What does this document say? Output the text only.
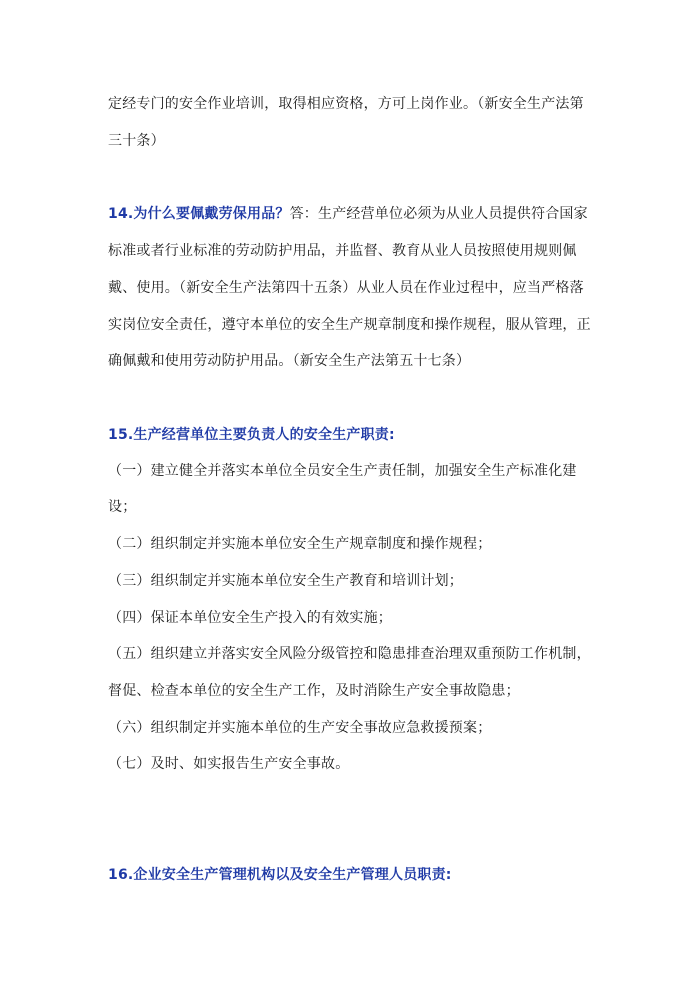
定经专门的安全作业培训，取得相应资格，方可上岗作业。（新安全生产法第
三十条）
14.为什么要佩戴劳保用品？答：生产经营单位必须为从业人员提供符合国家
标准或者行业标准的劳动防护用品，并监督、教育从业人员按照使用规则佩
戴、使用。（新安全生产法第四十五条）从业人员在作业过程中，应当严格落
实岗位安全责任，遵守本单位的安全生产规章制度和操作规程，服从管理，正
确佩戴和使用劳动防护用品。（新安全生产法第五十七条）
15.生产经营单位主要负责人的安全生产职责:
（一）建立健全并落实本单位全员安全生产责任制，加强安全生产标准化建
设；
（二）组织制定并实施本单位安全生产规章制度和操作规程；
（三）组织制定并实施本单位安全生产教育和培训计划；
（四）保证本单位安全生产投入的有效实施；
（五）组织建立并落实安全风险分级管控和隐患排查治理双重预防工作机制，
督促、检查本单位的安全生产工作，及时消除生产安全事故隐患；
（六）组织制定并实施本单位的生产安全事故应急救援预案；
（七）及时、如实报告生产安全事故。
16.企业安全生产管理机构以及安全生产管理人员职责:
